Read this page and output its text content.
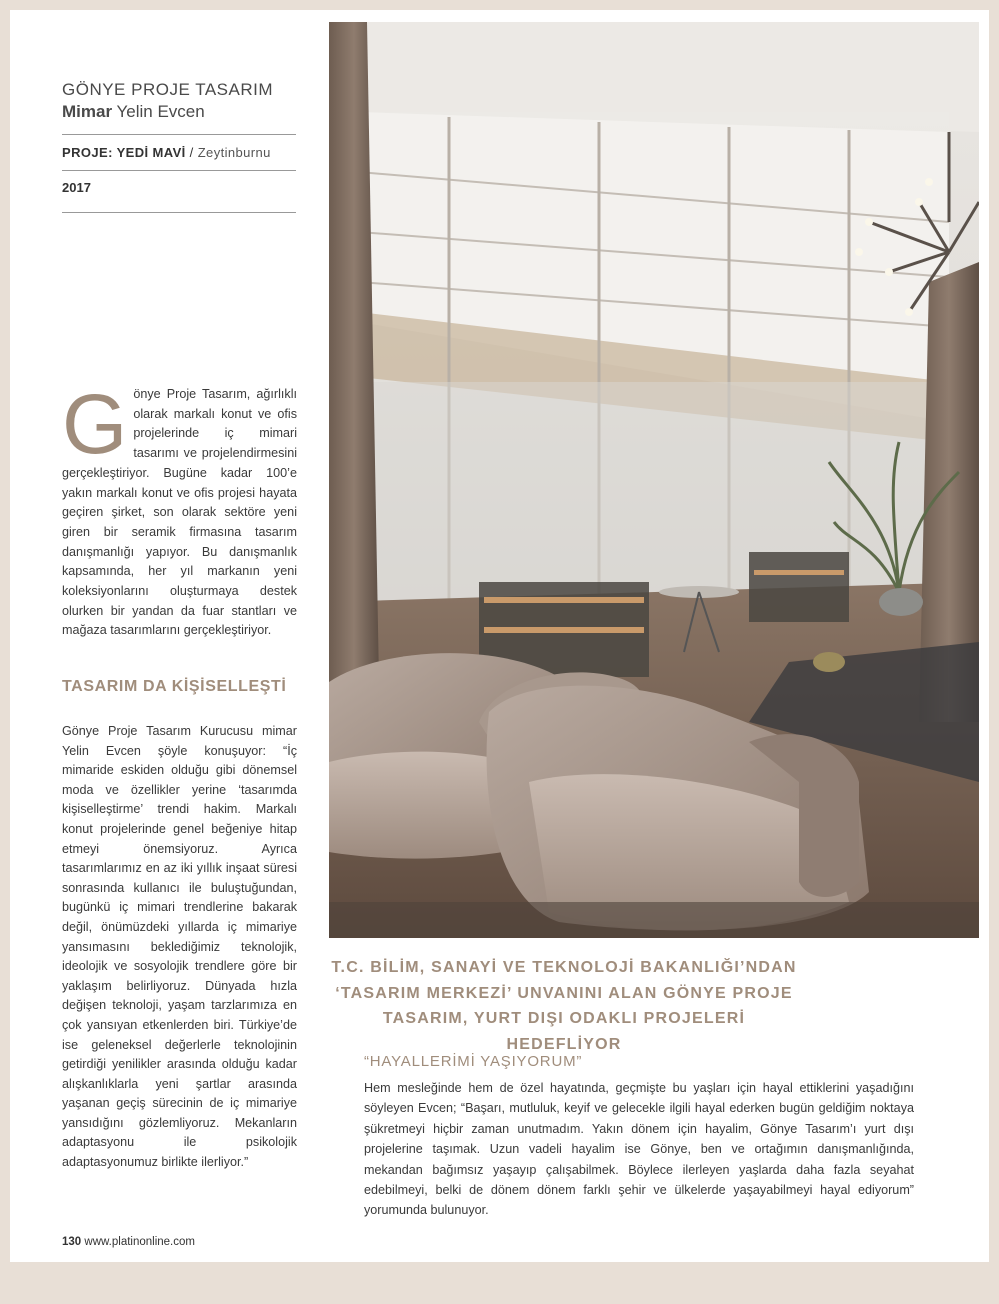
GÖNYE PROJE TASARIM
Mimar Yelin Evcen
PROJE: YEDİ MAVİ / Zeytinburnu
2017
G önye Proje Tasarım, ağırlıklı olarak markalı konut ve ofis projelerinde iç mimari tasarımı ve projelendirmesini gerçekleştiriyor. Bugüne kadar 100’e yakın markalı konut ve ofis projesi hayata geçiren şirket, son olarak sektöre yeni giren bir seramik firmasına tasarım danışmanlığı yapıyor. Bu danışmanlık kapsamında, her yıl markanın yeni koleksiyonlarını oluşturmaya destek olurken bir yandan da fuar stantları ve mağaza tasarımlarını gerçekleştiriyor.
TASARIM DA KİŞİSELLEŞTİ
Gönye Proje Tasarım Kurucusu mimar Yelin Evcen şöyle konuşuyor: “İç mimaride eskiden olduğu gibi dönemsel moda ve özellikler yerine ‘tasarımda kişiselleştirme’ trendi hakim. Markalı konut projelerinde genel beğeniye hitap etmeyi önemsiyoruz. Ayrıca tasarımlarımız en az iki yıllık inşaat süresi sonrasında kullanıcı ile buluştuğundan, bugünkü iç mimari trendlerine bakarak değil, önümüzdeki yıllarda iç mimariye yansımasını beklediğimiz teknolojik, ideolojik ve sosyolojik trendlere göre bir yaklaşım belirliyoruz. Dünyada hızla değişen teknoloji, yaşam tarzlarımıza en çok yansıyan etkenlerden biri. Türkiye’de ise geleneksel değerlerle teknolojinin getirdiği yenilikler arasında olduğu kadar alışkanlıklarla yeni şartlar arasında yaşanan geçiş sürecinin de iç mimariye yansıdığını gözlemliyoruz. Mekanların adaptasyonu ile psikolojik adaptasyonumuz birlikte ilerliyor.”
T.C. BİLİM, SANAYİ VE TEKNOLOJİ BAKANLIĞI’NDAN
‘TASARIM MERKEZİ’ UNVANINI ALAN GÖNYE PROJE
TASARIM, YURT DIŞI ODAKLI PROJELERİ HEDEFLİYOR
“HAYALLERİMİ YAŞIYORUM”
Hem mesleğinde hem de özel hayatında, geçmişte bu yaşları için hayal ettiklerini yaşadığını söyleyen Evcen; “Başarı, mutluluk, keyif ve gelecekle ilgili hayal ederken bugün geldiğim noktaya şükretmeyi hiçbir zaman unutmadım. Yakın dönem için hayalim, Gönye Tasarım’ı yurt dışı projelerine taşımak. Uzun vadeli hayalim ise Gönye, ben ve ortağımın danışmanlığında, mekandan bağımsız yaşayıp çalışabilmek. Böylece ilerleyen yaşlarda daha fazla seyahat edebilmeyi, belki de dönem dönem farklı şehir ve ülkelerde yaşayabilmeyi hayal ediyorum” yorumunda bulunuyor.
130 www.platinonline.com
